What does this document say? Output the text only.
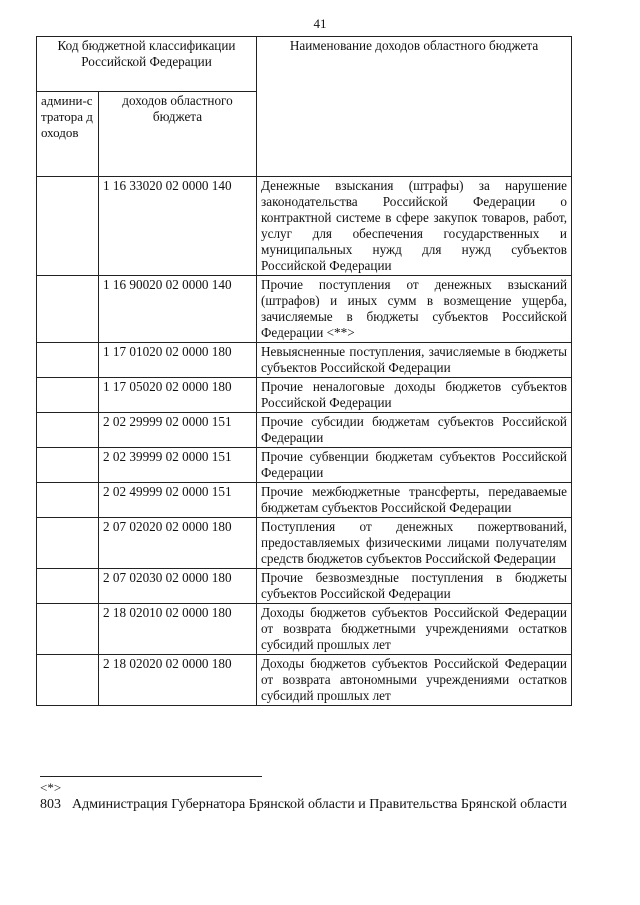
41
Код бюджетной классификации Российской Федерации		Наименование доходов областного бюджета

админи-стратора доходов	доходов областного бюджета	

	1 16 33020 02 0000 140	Денежные взыскания (штрафы) за нарушение законодательства Российской Федерации о контрактной системе в сфере закупок товаров, работ, услуг для обеспечения государственных и муниципальных нужд для нужд субъектов Российской Федерации

	1 16 90020 02 0000 140	Прочие поступления от денежных взысканий (штрафов) и иных сумм в возмещение ущерба, зачисляемые в бюджеты субъектов Российской Федерации <**>

	1 17 01020 02 0000 180	Невыясненные поступления, зачисляемые в бюджеты субъектов Российской Федерации

	1 17 05020 02 0000 180	Прочие неналоговые доходы бюджетов субъектов Российской Федерации

	2 02 29999 02 0000 151	Прочие субсидии бюджетам субъектов Российской Федерации

	2 02 39999 02 0000 151	Прочие субвенции бюджетам субъектов Российской Федерации

	2 02 49999 02 0000 151	Прочие межбюджетные трансферты, передаваемые бюджетам субъектов Российской Федерации

	2 07 02020 02 0000 180	Поступления от денежных пожертвований, предоставляемых физическими лицами получателям средств бюджетов субъектов Российской Федерации

	2 07 02030 02 0000 180	Прочие безвозмездные поступления в бюджеты субъектов Российской Федерации

	2 18 02010 02 0000 180	Доходы бюджетов субъектов Российской Федерации от возврата бюджетными учреждениями остатков субсидий прошлых лет

	2 18 02020 02 0000 180	Доходы бюджетов субъектов Российской Федерации от возврата автономными учреждениями остатков субсидий прошлых лет
<*>
803 Администрация Губернатора Брянской области и Правительства Брянской области
